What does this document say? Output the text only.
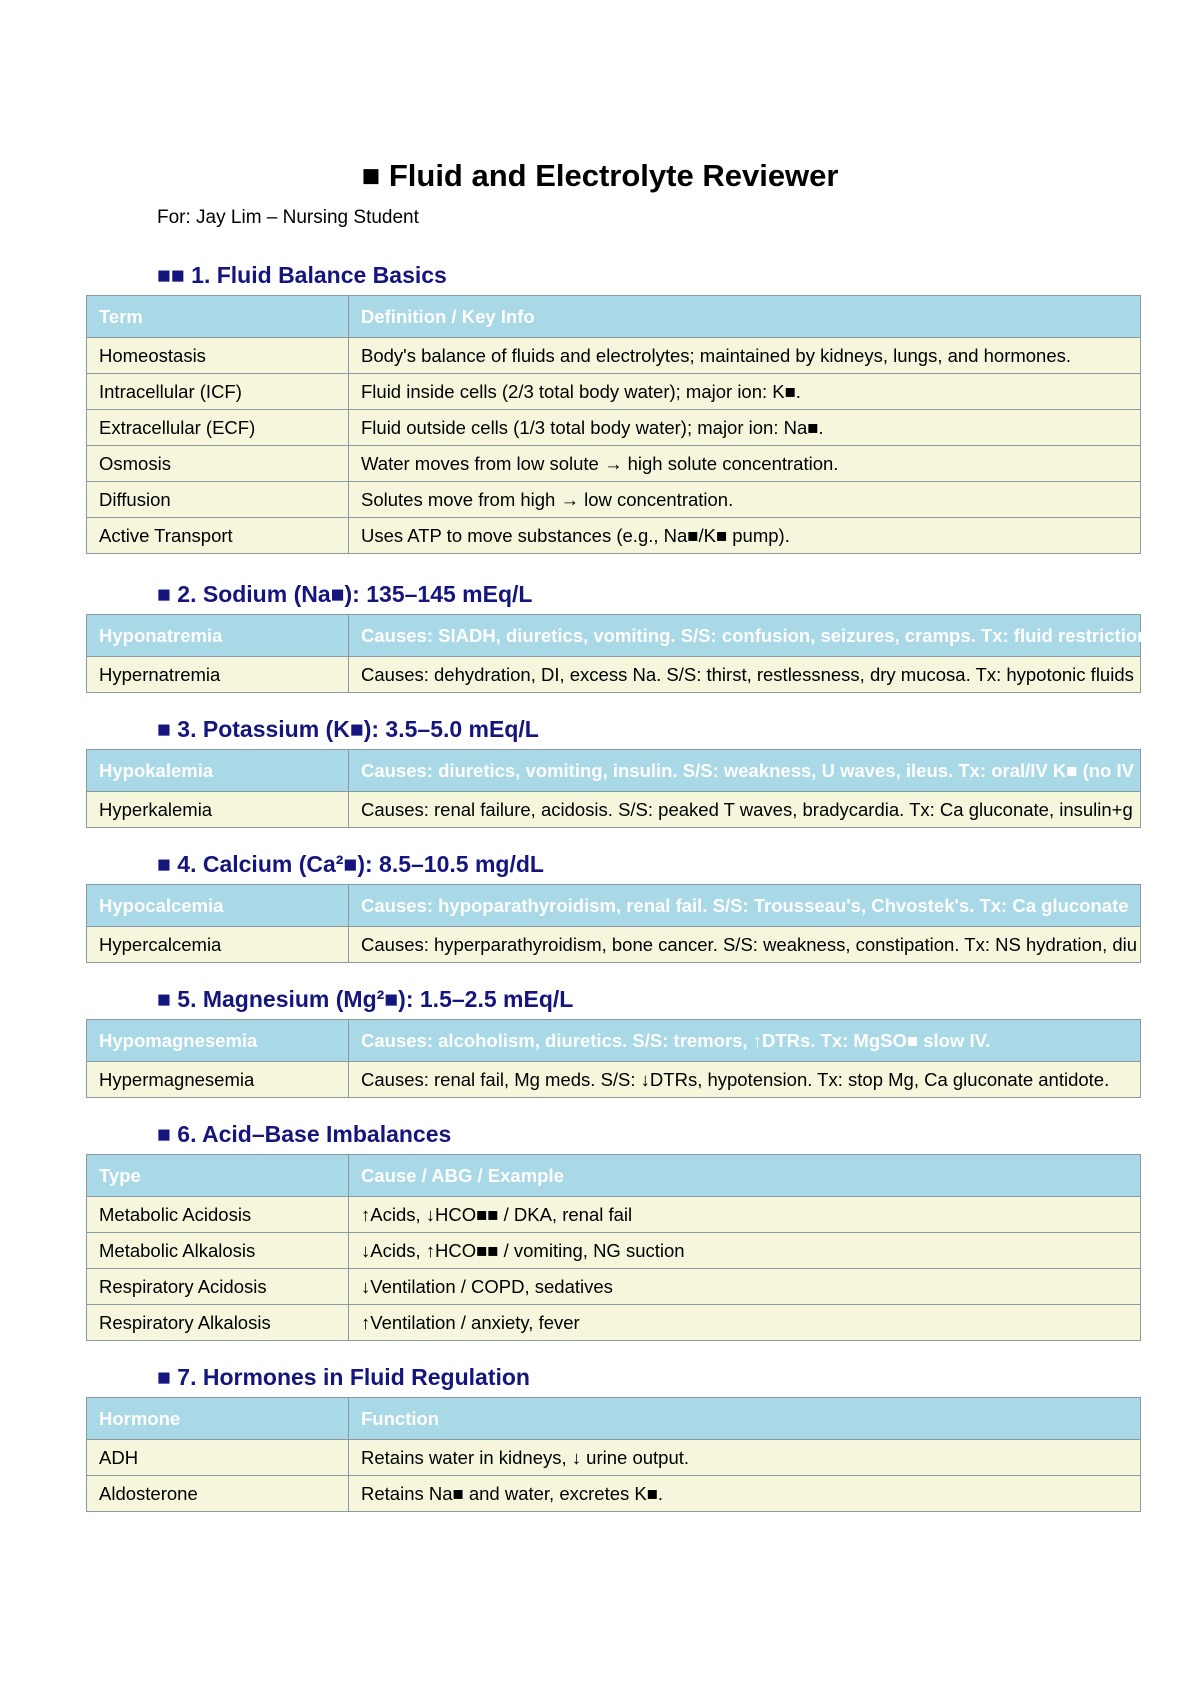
■ Fluid and Electrolyte Reviewer
For: Jay Lim – Nursing Student
■■ 1. Fluid Balance Basics
Term	Definition / Key Info
Homeostasis	Body's balance of fluids and electrolytes; maintained by kidneys, lungs, and hormones.
Intracellular (ICF)	Fluid inside cells (2/3 total body water); major ion: K■.
Extracellular (ECF)	Fluid outside cells (1/3 total body water); major ion: Na■.
Osmosis	Water moves from low solute → high solute concentration.
Diffusion	Solutes move from high → low concentration.
Active Transport	Uses ATP to move substances (e.g., Na■/K■ pump).
■ 2. Sodium (Na■): 135–145 mEq/L
Hyponatremia	Causes: SIADH, diuretics, vomiting. S/S: confusion, seizures, cramps. Tx: fluid restriction
Hypernatremia	Causes: dehydration, DI, excess Na. S/S: thirst, restlessness, dry mucosa. Tx: hypotonic fluids
■ 3. Potassium (K■): 3.5–5.0 mEq/L
Hypokalemia	Causes: diuretics, vomiting, insulin. S/S: weakness, U waves, ileus. Tx: oral/IV K■ (no IV
Hyperkalemia	Causes: renal failure, acidosis. S/S: peaked T waves, bradycardia. Tx: Ca gluconate, insulin+g
■ 4. Calcium (Ca²■): 8.5–10.5 mg/dL
Hypocalcemia	Causes: hypoparathyroidism, renal fail. S/S: Trousseau's, Chvostek's. Tx: Ca gluconate
Hypercalcemia	Causes: hyperparathyroidism, bone cancer. S/S: weakness, constipation. Tx: NS hydration, diu
■ 5. Magnesium (Mg²■): 1.5–2.5 mEq/L
Hypomagnesemia	Causes: alcoholism, diuretics. S/S: tremors, ↑DTRs. Tx: MgSO■ slow IV.
Hypermagnesemia	Causes: renal fail, Mg meds. S/S: ↓DTRs, hypotension. Tx: stop Mg, Ca gluconate antidote.
■ 6. Acid–Base Imbalances
Type	Cause / ABG / Example
Metabolic Acidosis	↑Acids, ↓HCO■■ / DKA, renal fail
Metabolic Alkalosis	↓Acids, ↑HCO■■ / vomiting, NG suction
Respiratory Acidosis	↓Ventilation / COPD, sedatives
Respiratory Alkalosis	↑Ventilation / anxiety, fever
■ 7. Hormones in Fluid Regulation
Hormone	Function
ADH	Retains water in kidneys, ↓ urine output.
Aldosterone	Retains Na■ and water, excretes K■.
